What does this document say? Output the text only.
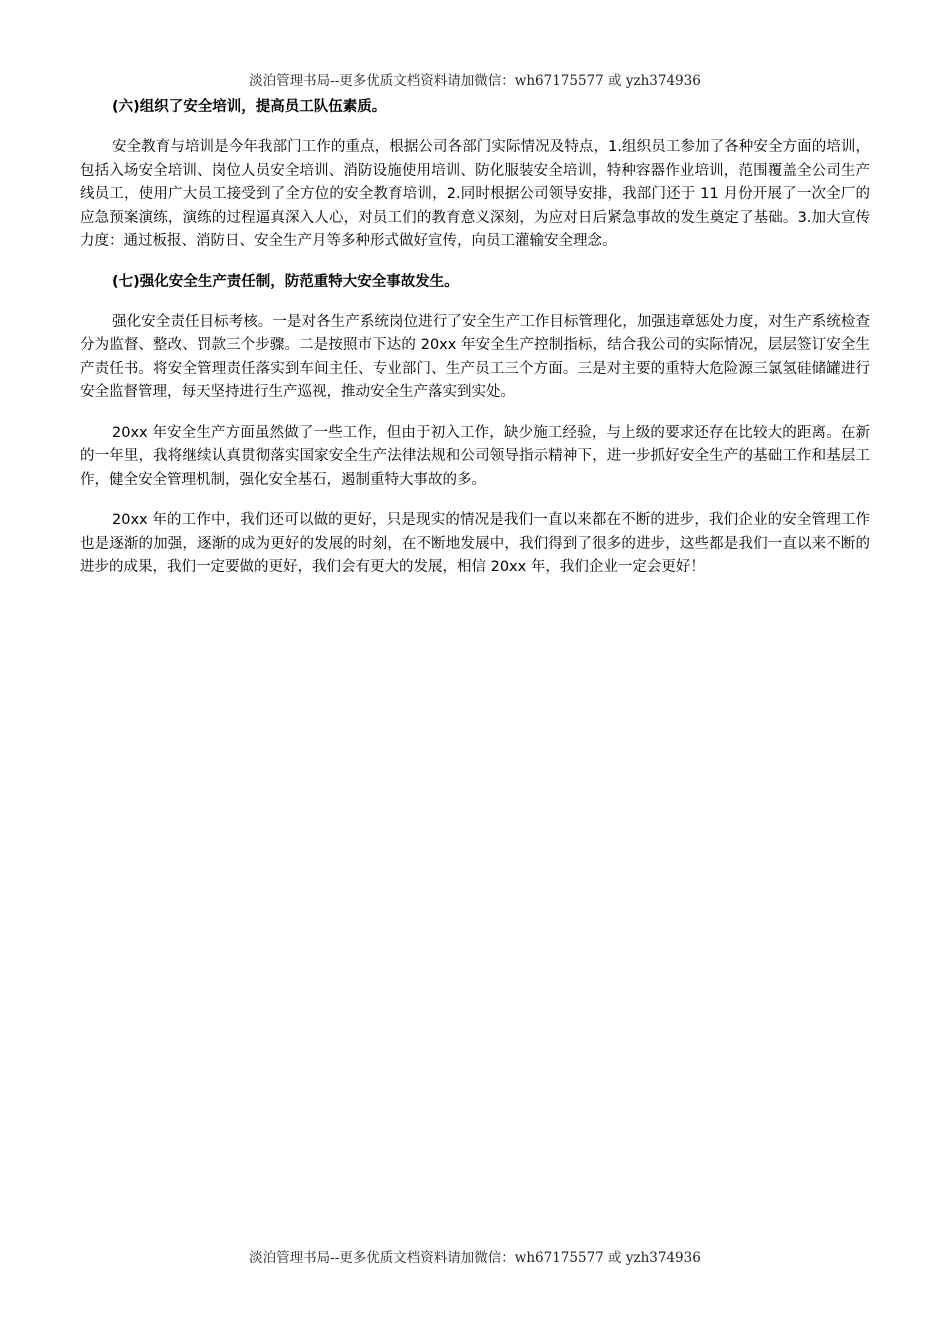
淡泊管理书局--更多优质文档资料请加微信：wh67175577 或 yzh374936

(六)组织了安全培训，提高员工队伍素质。

安全教育与培训是今年我部门工作的重点，根据公司各部门实际情况及特点，1.组织员工参加了各种安全方面的培训，包括入场安全培训、岗位人员安全培训、消防设施使用培训、防化服装安全培训，特种容器作业培训，范围覆盖全公司生产线员工，使用广大员工接受到了全方位的安全教育培训，2.同时根据公司领导安排，我部门还于 11 月份开展了一次全厂的应急预案演练，演练的过程逼真深入人心，对员工们的教育意义深刻，为应对日后紧急事故的发生奠定了基础。3.加大宣传力度：通过板报、消防日、安全生产月等多种形式做好宣传，向员工灌输安全理念。

(七)强化安全生产责任制，防范重特大安全事故发生。

强化安全责任目标考核。一是对各生产系统岗位进行了安全生产工作目标管理化，加强违章惩处力度，对生产系统检查分为监督、整改、罚款三个步骤。二是按照市下达的 20xx 年安全生产控制指标，结合我公司的实际情况，层层签订安全生产责任书。将安全管理责任落实到车间主任、专业部门、生产员工三个方面。三是对主要的重特大危险源三氯氢硅储罐进行安全监督管理，每天坚持进行生产巡视，推动安全生产落实到实处。

20xx 年安全生产方面虽然做了一些工作，但由于初入工作，缺少施工经验，与上级的要求还存在比较大的距离。在新的一年里，我将继续认真贯彻落实国家安全生产法律法规和公司领导指示精神下，进一步抓好安全生产的基础工作和基层工作，健全安全管理机制，强化安全基石，遏制重特大事故的多。

20xx 年的工作中，我们还可以做的更好，只是现实的情况是我们一直以来都在不断的进步，我们企业的安全管理工作也是逐渐的加强，逐渐的成为更好的发展的时刻，在不断地发展中，我们得到了很多的进步，这些都是我们一直以来不断的进步的成果，我们一定要做的更好，我们会有更大的发展，相信 20xx 年，我们企业一定会更好！

淡泊管理书局--更多优质文档资料请加微信：wh67175577 或 yzh374936
